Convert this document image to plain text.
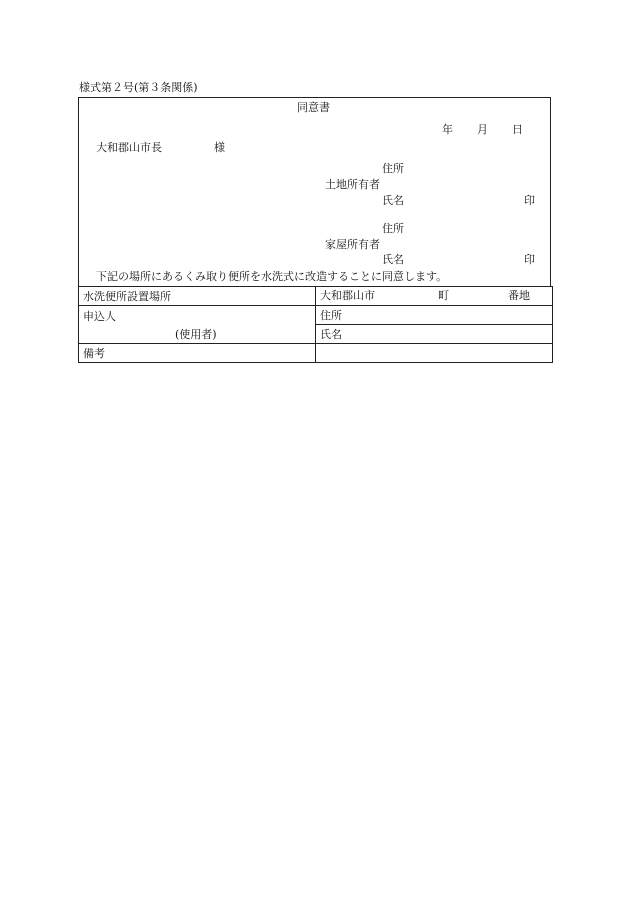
様式第２号(第３条関係)
同意書
年 月 日
大和郡山市長	様
住所
土地所有者
氏名	印
住所
家屋所有者
氏名	印
下記の場所にあるくみ取り便所を水洗式に改造することに同意します。
水洗便所設置場所	大和郡山市 町 番地

申込人
(使用者)	住所
	氏名
備考	
